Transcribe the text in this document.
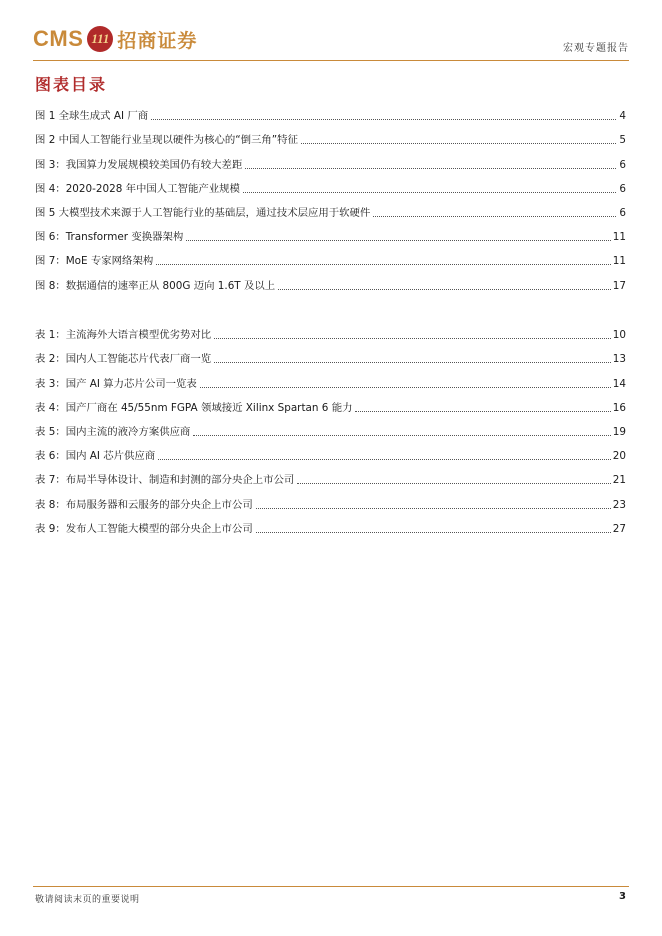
CMS 111 招商证券	宏观专题报告
图表目录
图 1 全球生成式 AI 厂商	4
图 2 中国人工智能行业呈现以硬件为核心的“倒三角”特征	5
图 3：我国算力发展规模较美国仍有较大差距	6
图 4：2020-2028 年中国人工智能产业规模	6
图 5 大模型技术来源于人工智能行业的基础层，通过技术层应用于软硬件	6
图 6：Transformer 变换器架构	11
图 7：MoE 专家网络架构	11
图 8：数据通信的速率正从 800G 迈向 1.6T 及以上	17
表 1：主流海外大语言模型优劣势对比	10
表 2：国内人工智能芯片代表厂商一览	13
表 3：国产 AI 算力芯片公司一览表	14
表 4：国产厂商在 45/55nm FGPA 领域接近 Xilinx Spartan 6 能力	16
表 5：国内主流的液冷方案供应商	19
表 6：国内 AI 芯片供应商	20
表 7：布局半导体设计、制造和封测的部分央企上市公司	21
表 8：布局服务器和云服务的部分央企上市公司	23
表 9：发布人工智能大模型的部分央企上市公司	27
敬请阅读末页的重要说明	3
